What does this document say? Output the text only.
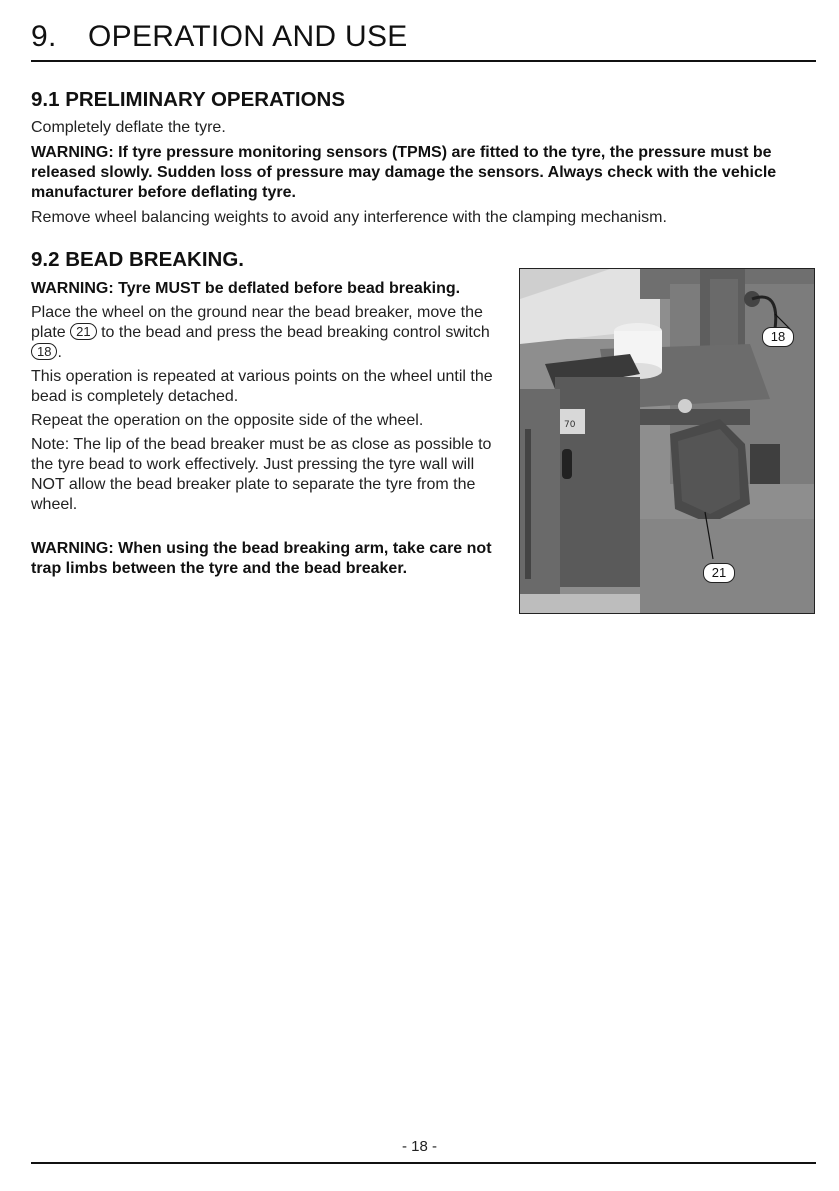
9. OPERATION AND USE
9.1 PRELIMINARY OPERATIONS

Completely deflate the tyre.

WARNING: If tyre pressure monitoring sensors (TPMS) are fitted to the tyre, the pressure must be released slowly. Sudden loss of pressure may damage the sensors. Always check with the vehicle manufacturer before deflating tyre.

Remove wheel balancing weights to avoid any interference with the clamping mechanism.

9.2 BEAD BREAKING.

WARNING: Tyre MUST be deflated before bead breaking.

Place the wheel on the ground near the bead breaker, move the plate 21 to the bead and press the bead breaking control switch 18 .

This operation is repeated at various points on the wheel until the bead is completely detached.

Repeat the operation on the opposite side of the wheel.

Note: The lip of the bead breaker must be as close as possible to the tyre bead to work effectively. Just pressing the tyre wall will NOT allow the bead breaker plate to separate the tyre from the wheel.

WARNING: When using the bead breaking arm, take care not trap limbs between the tyre and the bead breaker.

70
18
21
- 18 -
